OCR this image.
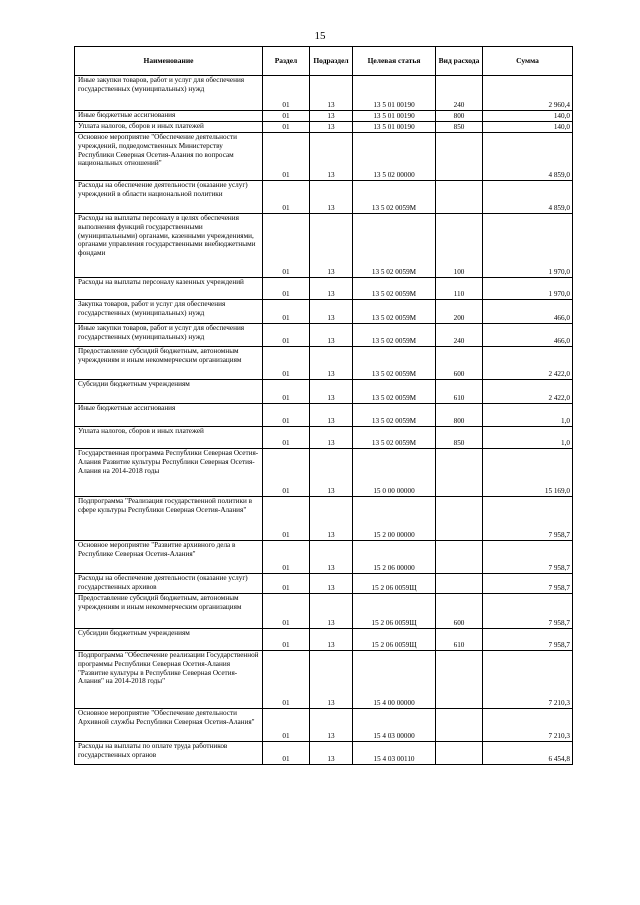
15
Наименование	Раздел	Подраздел	Целевая статья	Вид расхода	Сумма
Иные закупки товаров, работ и услуг для обеспечения государственных (муниципальных) нужд	01	13	13 5 01 00190	240	2 960,4
Иные бюджетные ассигнования	01	13	13 5 01 00190	800	140,0
Уплата налогов, сборов и иных платежей	01	13	13 5 01 00190	850	140,0
Основное мероприятие "Обеспечение деятельности учреждений, подведомственных Министерству Республики Северная Осетия-Алания по вопросам национальных отношений"	01	13	13 5 02 00000		4 859,0
Расходы на обеспечение деятельности (оказание услуг) учреждений в области национальной политики	01	13	13 5 02 0059М		4 859,0
Расходы на выплаты персоналу в целях обеспечения выполнения функций государственными (муниципальными) органами, казенными учреждениями, органами управления государственными внебюджетными фондами	01	13	13 5 02 0059М	100	1 970,0
Расходы на выплаты персоналу казенных учреждений	01	13	13 5 02 0059М	110	1 970,0
Закупка товаров, работ и услуг для обеспечения государственных (муниципальных) нужд	01	13	13 5 02 0059М	200	466,0
Иные закупки товаров, работ и услуг для обеспечения государственных (муниципальных) нужд	01	13	13 5 02 0059М	240	466,0
Предоставление субсидий бюджетным, автономным учреждениям и иным некоммерческим организациям	01	13	13 5 02 0059М	600	2 422,0
Субсидии бюджетным учреждениям	01	13	13 5 02 0059М	610	2 422,0
Иные бюджетные ассигнования	01	13	13 5 02 0059М	800	1,0
Уплата налогов, сборов и иных платежей	01	13	13 5 02 0059М	850	1,0
Государственная программа Республики Северная Осетия-Алания Развитие культуры Республики Северная Осетия-Алания на 2014-2018 годы	01	13	15 0 00 00000		15 169,0
Подпрограмма "Реализация государственной политики в сфере культуры Республики Северная Осетия-Алания"	01	13	15 2 00 00000		7 958,7
Основное мероприятие "Развитие архивного дела в Республике Северная Осетия-Алания"	01	13	15 2 06 00000		7 958,7
Расходы на обеспечение деятельности (оказание услуг) государственных архивов	01	13	15 2 06 0059Щ		7 958,7
Предоставление субсидий бюджетным, автономным учреждениям и иным некоммерческим организациям	01	13	15 2 06 0059Щ	600	7 958,7
Субсидии бюджетным учреждениям	01	13	15 2 06 0059Щ	610	7 958,7
Подпрограмма "Обеспечение реализации Государственной программы Республики Северная Осетия-Алания "Развитие культуры в Республике Северная Осетия-Алания" на 2014-2018 годы"	01	13	15 4 00 00000		7 210,3
Основное мероприятие "Обеспечение деятельности Архивной службы Республики Северная Осетия-Алания"	01	13	15 4 03 00000		7 210,3
Расходы на выплаты по оплате труда работников государственных органов	01	13	15 4 03 00110		6 454,8
